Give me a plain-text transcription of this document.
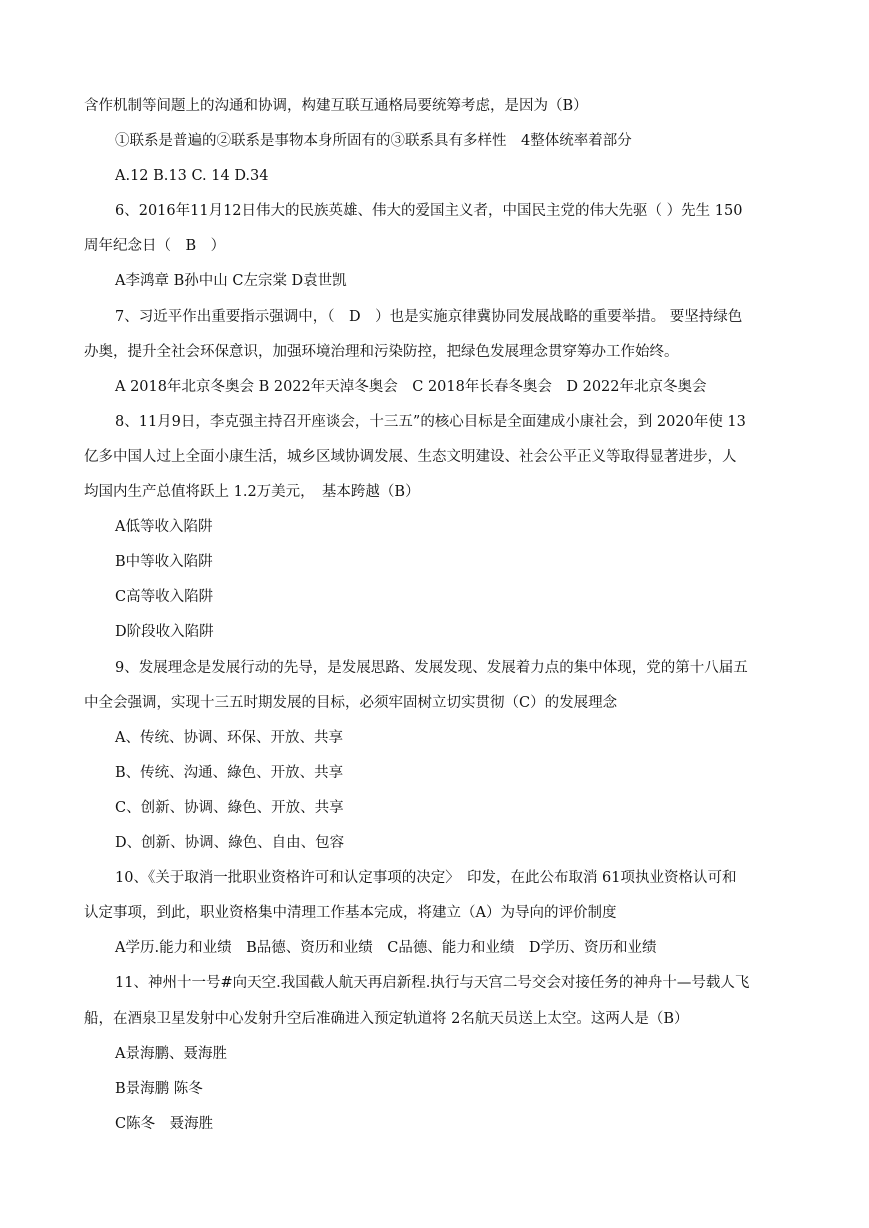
含作机制等间题上的沟通和协调，构建互联互通格局要统筹考虑，是因为（B）
①联系是普遍的②联系是事物本身所固有的③联系具有多样性　4整体统率着部分
A.12 B.13 C. 14 D.34
6、2016年11月12日伟大的民族英雄、伟大的爱国主义者，中国民主党的伟大先驱（ ）先生 150
周年纪念日（　B　）
A李鸿章 B孙中山 C左宗棠 D袁世凯
7、习近平作出重要指示强调中，（　D　）也是实施京律冀协同发展战略的重要举措。 要坚持绿色
办奥，提升全社会环保意识，加强环境治理和污染防控，把绿色发展理念贯穿筹办工作始终。
A 2018年北京冬奥会 B 2022年天淖冬奥会　C 2018年长春冬奥会　D 2022年北京冬奥会
8、11月9日，李克强主持召开座谈会，十三五”的核心目标是全面建成小康社会，到 2020年使 13
亿多中国人过上全面小康生活，城乡区域协调发展、生态文明建设、社会公平正义等取得显著进步，人
均国内生产总值将跃上 1.2万美元，　基本跨越（B）
A低等收入陷阱
B中等收入陷阱
C高等收入陷阱
D阶段收入陷阱
9、发展理念是发展行动的先导，是发展思路、发展发现、发展着力点的集中体现，党的第十八届五
中全会强调，实现十三五时期发展的目标，必须牢固树立切实贯彻（C）的发展理念
A、传统、协调、环保、开放、共享
B、传统、沟通、綠色、开放、共享
C、创新、协调、綠色、开放、共享
D、创新、协调、綠色、自由、包容
10、《关于取消一批职业资格许可和认定事项的决定〉　印发，在此公布取消 61项执业资格认可和
认定事项，到此，职业资格集中清理工作基本完成，将建立（A）为导向的评价制度
A学历.能力和业绩　B品德、资历和业绩　C品德、能力和业绩　D学历、资历和业绩
11、神州十一号#向天空.我国截人航天再启新程.执行与天宫二号交会对接任务的神舟十—号载人飞
船，在酒泉卫星发射中心发射升空后准确进入预定轨道将 2名航天员送上太空。这两人是（B）
A景海鹏、聂海胜
B景海鹏 陈冬
C陈冬　聂海胜
